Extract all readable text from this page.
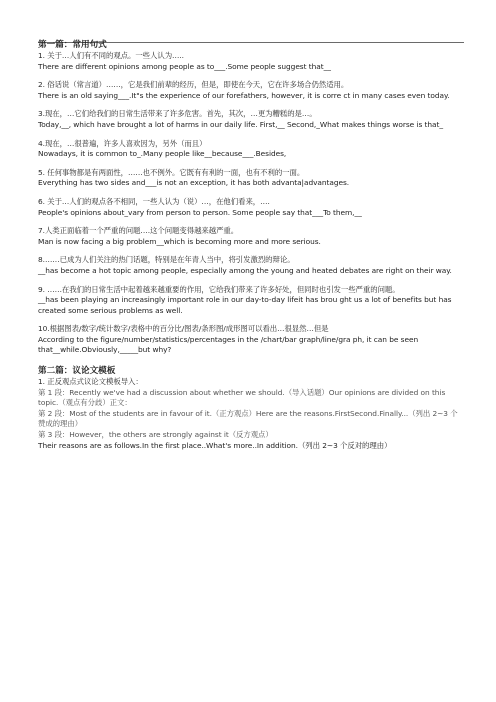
第一篇：常用句式

1. 关于…人们有不同的观点。一些人认为…..

There are different opinions among people as to___.Some people suggest that__

2. 俗话说（常言道）……，它是我们前辈的经历，但是，即使在今天，它在许多场合仍然适用。

There is an old saying___.It"s the experience of our forefathers, however, it is corre ct in many cases even today.

3.现在，…它们给我们的日常生活带来了许多危害。首先，其次，…更为糟糕的是…。

Today,__, which have brought a lot of harms in our daily life. First,__ Second,_What makes things worse is that_

4.现在，…很普遍，许多人喜欢因为，另外（而且）

Nowadays, it is common to_.Many people like__because___.Besides,

5. 任何事物都是有两面性，……也不例外。它既有有利的一面，也有不利的一面。

Everything has two sides and___is not an exception, it has both advanta|advantages.

6. 关于…人们的观点各不相同，一些人认为（说）…，在他们看来，….

People's opinions about_vary from person to person. Some people say that___To them,__

7.人类正面临着一个严重的问题….这个问题变得越来越严重。

Man is now facing a big problem__which is becoming more and more serious.

8.……已成为人们关注的热门话题，特别是在年青人当中，将引发激烈的辩论。

__has become a hot topic among people, especially among the young and heated debates are right on their way.

9. ……在我们的日常生活中起着越来越重要的作用，它给我们带来了许多好处，但同时也引发一些严重的问题。

__has been playing an increasingly important role in our day-to-day lifeit has brou ght us a lot of benefits but has created some serious problems as well.

10.根据图表/数字/统计数字/表格中的百分比/图表/条形图/成形图可以看出…很显然…但是

According to the figure/number/statistics/percentages in the /chart/bar graph/line/gra ph, it can be seen that__while.Obviously,_____but why?

第二篇：议论文模板

1. 正反观点式议论文模板导入：

第 1 段：Recently we've had a discussion about whether we should.（导入话题）Our opinions are divided on this topic.（观点有分歧）正文：

第 2 段：Most of the students are in favour of it.（正方观点）Here are the reasons.FirstSecond.Finally...（列出 2~3 个赞成的理由）

第 3 段：However，the others are strongly against it（反方观点）

Their reasons are as follows.In the first place..What's more..In addition.（列出 2~3 个反对的理由）
